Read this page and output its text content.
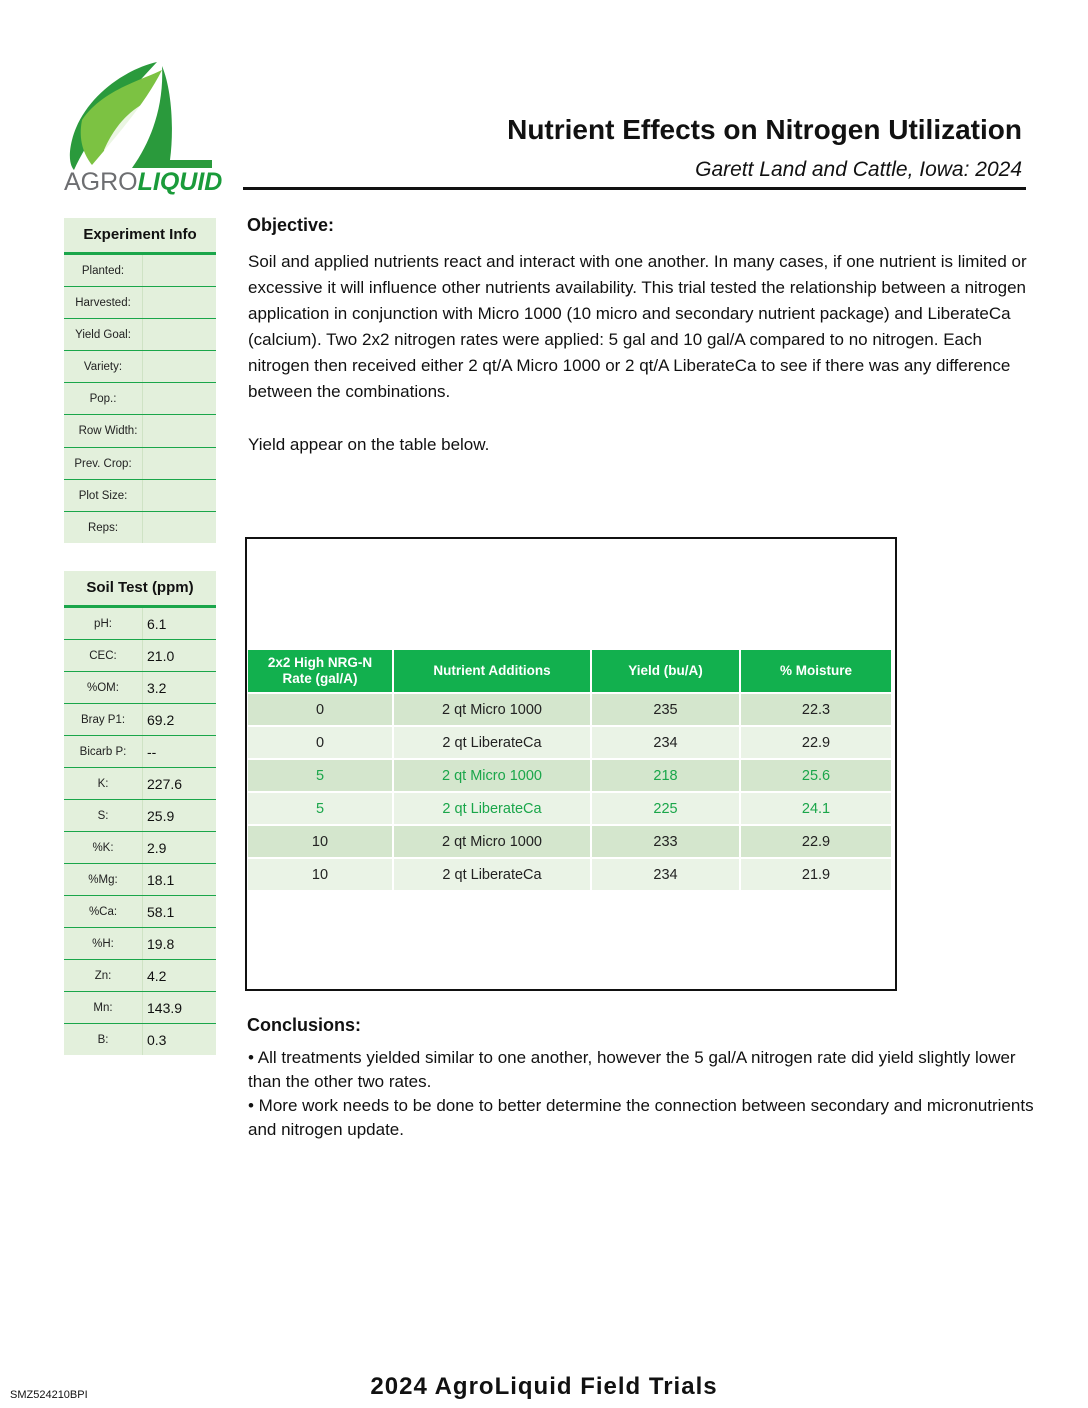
AGROLIQUID
Nutrient Effects on Nitrogen Utilization
Garett Land and Cattle, Iowa: 2024
Experiment Info
Planted:
Harvested:
Yield Goal:
Variety:
Pop.:
Row Width:
Prev. Crop:
Plot Size:
Reps:
Soil Test (ppm)
pH:	6.1
CEC:	21.0
%OM:	3.2
Bray P1:	69.2
Bicarb P:	--
K:	227.6
S:	25.9
%K:	2.9
%Mg:	18.1
%Ca:	58.1
%H:	19.8
Zn:	4.2
Mn:	143.9
B:	0.3
Objective:
Soil and applied nutrients react and interact with one another. In many cases, if one nutrient is limited or excessive it will influence other nutrients availability. This trial tested the relationship between a nitrogen application in conjunction with Micro 1000 (10 micro and secondary nutrient package) and LiberateCa (calcium). Two 2x2 nitrogen rates were applied: 5 gal and 10 gal/A compared to no nitrogen. Each nitrogen then received either 2 qt/A Micro 1000 or 2 qt/A LiberateCa to see if there was any difference between the combinations.
Yield appear on the table below.
2x2 High NRG-N Rate (gal/A)	Nutrient Additions	Yield (bu/A)	% Moisture
0	2 qt Micro 1000	235	22.3
0	2 qt LiberateCa	234	22.9
5	2 qt Micro 1000	218	25.6
5	2 qt LiberateCa	225	24.1
10	2 qt Micro 1000	233	22.9
10	2 qt LiberateCa	234	21.9
Conclusions:
• All treatments yielded similar to one another, however the 5 gal/A nitrogen rate did yield slightly lower than the other two rates.
• More work needs to be done to better determine the connection between secondary and micronutrients and nitrogen update.
2024 AgroLiquid Field Trials
SMZ524210BPI
